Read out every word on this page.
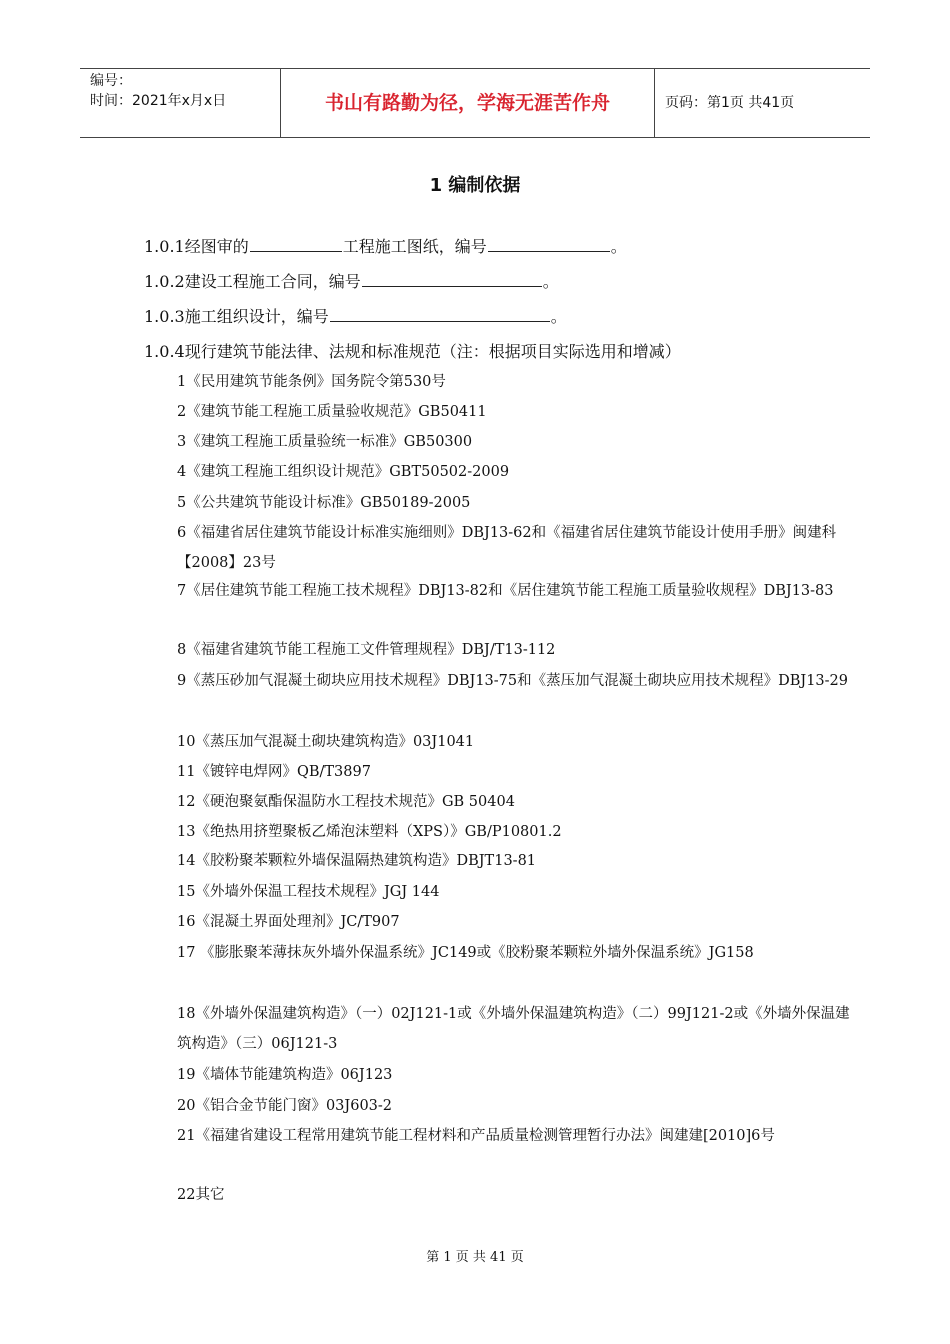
编号：
时间：2021年x月x日	书山有路勤为径，学海无涯苦作舟	页码：第1页 共41页
1 编制依据
1.0.1经图审的	工程施工图纸，编号	。
1.0.2建设工程施工合同，编号	。
1.0.3施工组织设计，编号	。
1.0.4现行建筑节能法律、法规和标准规范（注：根据项目实际选用和增减）
1《民用建筑节能条例》国务院令第530号
2《建筑节能工程施工质量验收规范》GB50411
3《建筑工程施工质量验统一标准》GB50300
4《建筑工程施工组织设计规范》GBT50502-2009
5《公共建筑节能设计标准》GB50189-2005
6《福建省居住建筑节能设计标准实施细则》DBJ13-62和《福建省居住建筑节能设计使用手册》闽建科【2008】23号
7《居住建筑节能工程施工技术规程》DBJ13-82和《居住建筑节能工程施工质量验收规程》DBJ13-83
8《福建省建筑节能工程施工文件管理规程》DBJ/T13-112
9《蒸压砂加气混凝土砌块应用技术规程》DBJ13-75和《蒸压加气混凝土砌块应用技术规程》DBJ13-29
10《蒸压加气混凝土砌块建筑构造》03J1041
11《镀锌电焊网》QB/T3897
12《硬泡聚氨酯保温防水工程技术规范》GB 50404
13《绝热用挤塑聚板乙烯泡沫塑料（XPS）》GB/P10801.2
14《胶粉聚苯颗粒外墙保温隔热建筑构造》DBJT13-81
15《外墙外保温工程技术规程》JGJ 144
16《混凝土界面处理剂》JC/T907
17 《膨胀聚苯薄抹灰外墙外保温系统》JC149或《胶粉聚苯颗粒外墙外保温系统》JG158
18《外墙外保温建筑构造》（一）02J121-1或《外墙外保温建筑构造》（二）99J121-2或《外墙外保温建筑构造》（三）06J121-3
19《墙体节能建筑构造》06J123
20《铝合金节能门窗》03J603-2
21《福建省建设工程常用建筑节能工程材料和产品质量检测管理暂行办法》闽建建[2010]6号
22其它
第 1 页 共 41 页
